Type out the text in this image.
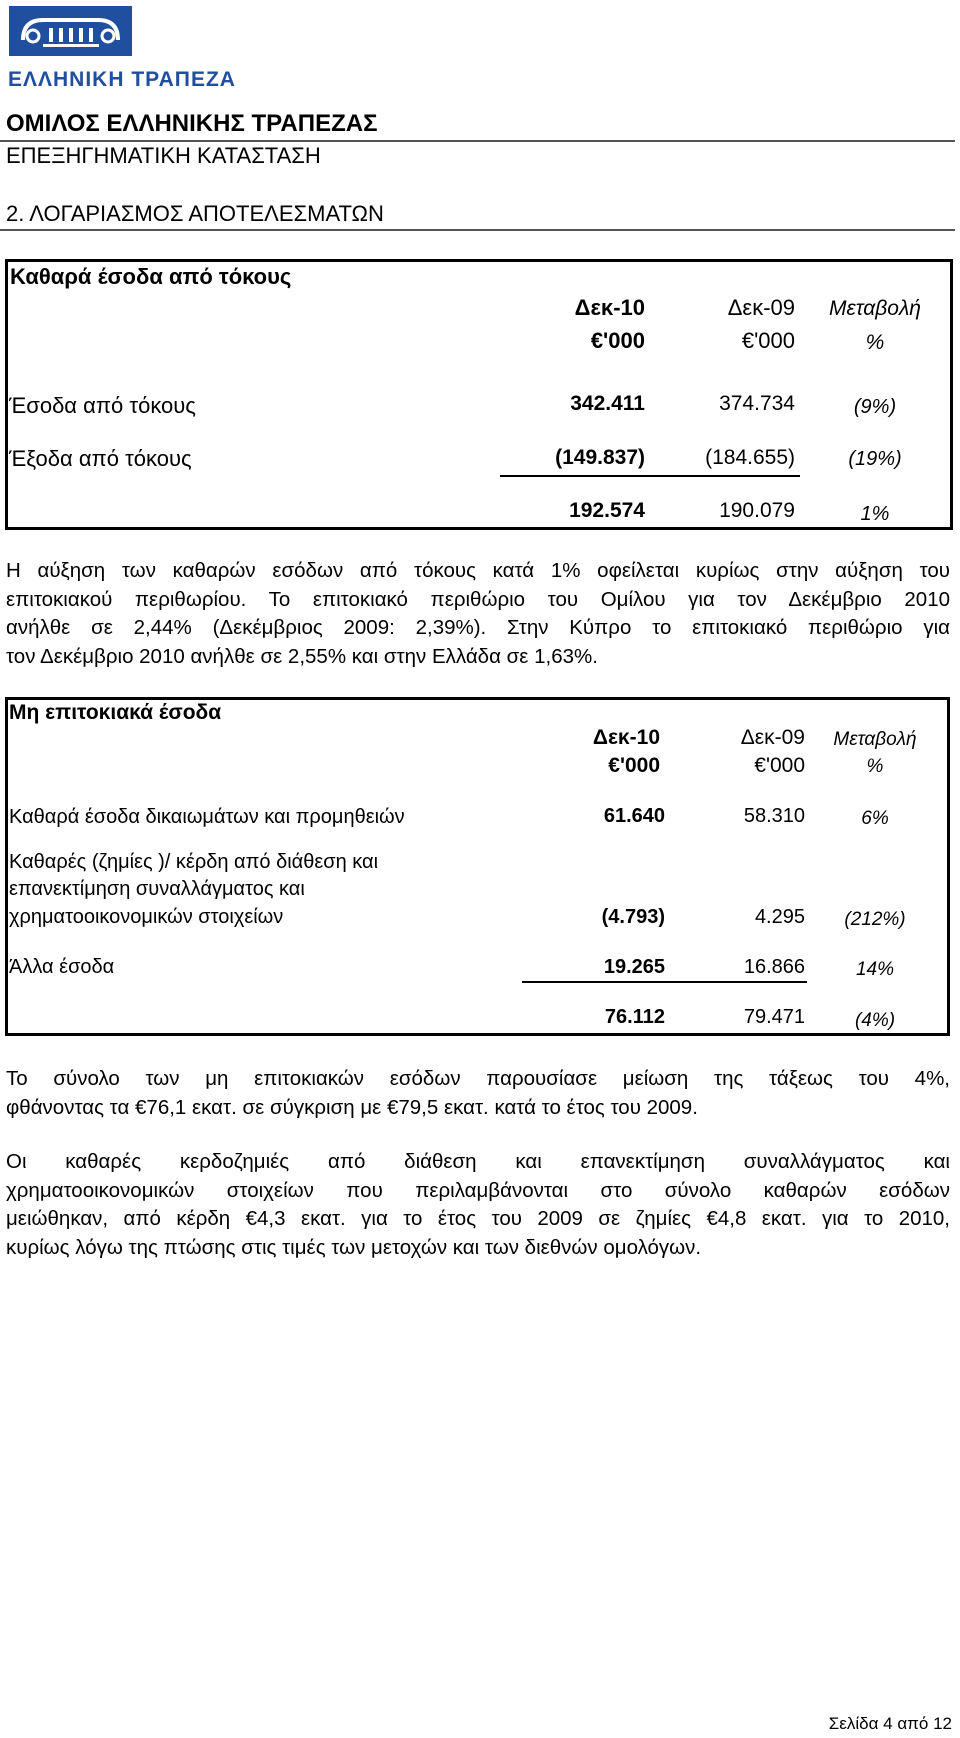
ΕΛΛΗΝΙΚΗ ΤΡΑΠΕΖΑ
ΟΜΙΛΟΣ ΕΛΛΗΝΙΚΗΣ ΤΡΑΠΕΖΑΣ
ΕΠΕΞΗΓΗΜΑΤΙΚΗ ΚΑΤΑΣΤΑΣΗ
2. ΛΟΓΑΡΙΑΣΜΟΣ ΑΠΟΤΕΛΕΣΜΑΤΩΝ
Καθαρά έσοδα από τόκους
Δεκ-10	Δεκ-09	Μεταβολή
€'000	€'000	%
Έσοδα από τόκους	342.411	374.734	(9%)
Έξοδα από τόκους	(149.837)	(184.655)	(19%)
192.574	190.079	1%
Η αύξηση των καθαρών εσόδων από τόκους κατά 1% οφείλεται κυρίως στην αύξηση του
επιτοκιακού περιθωρίου. Το επιτοκιακό περιθώριο του Ομίλου για τον Δεκέμβριο 2010
ανήλθε σε 2,44% (Δεκέμβριος 2009: 2,39%). Στην Κύπρο το επιτοκιακό περιθώριο για
τον Δεκέμβριο 2010 ανήλθε σε 2,55% και στην Ελλάδα σε 1,63%.
Μη επιτοκιακά έσοδα
Δεκ-10	Δεκ-09	Μεταβολή
€'000	€'000	%
Καθαρά έσοδα δικαιωμάτων και προμηθειών	61.640	58.310	6%
Καθαρές (ζημίες )/ κέρδη από διάθεση και
επανεκτίμηση συναλλάγματος και
χρηματοοικονομικών στοιχείων	(4.793)	4.295	(212%)
Άλλα έσοδα	19.265	16.866	14%
76.112	79.471	(4%)
Το σύνολο των μη επιτοκιακών εσόδων παρουσίασε μείωση της τάξεως του 4%,
φθάνοντας τα €76,1 εκατ. σε σύγκριση με €79,5 εκατ. κατά το έτος του 2009.
Οι καθαρές κερδοζημιές από διάθεση και επανεκτίμηση συναλλάγματος και
χρηματοοικονομικών στοιχείων που περιλαμβάνονται στο σύνολο καθαρών εσόδων
μειώθηκαν, από κέρδη €4,3 εκατ. για το έτος του 2009 σε ζημίες €4,8 εκατ. για το 2010,
κυρίως λόγω της πτώσης στις τιμές των μετοχών και των διεθνών ομολόγων.
Σελίδα 4 από 12
